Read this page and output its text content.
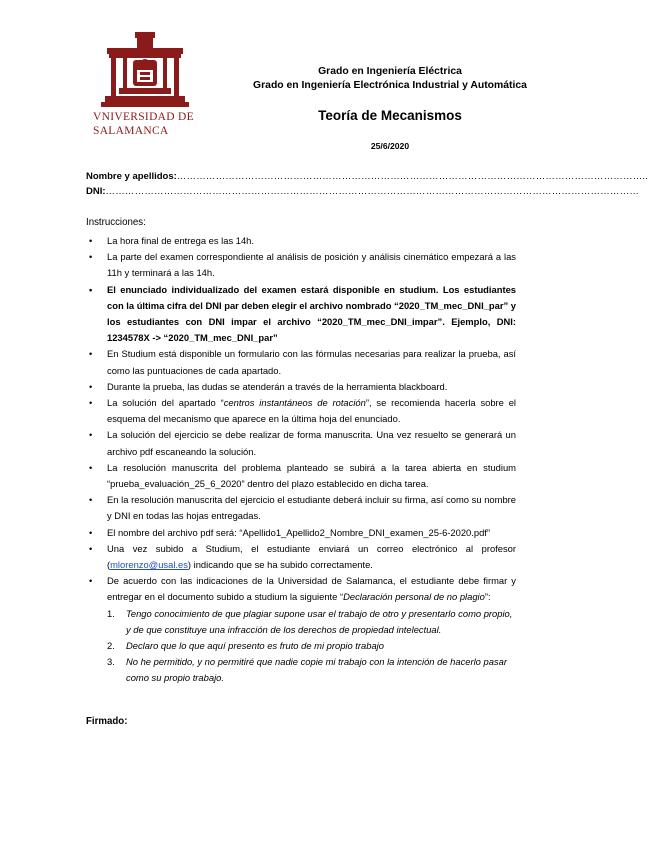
VNIVERSIDAD DE
SALAMANCA
Grado en Ingeniería Eléctrica
Grado en Ingeniería Electrónica Industrial y Automática
Teoría de Mecanismos
25/6/2020
Nombre y apellidos:………………………………………………………………………………………………………………………………..
DNI:…………………………………………………………………………………………………………………………………………………
Instrucciones:
• La hora final de entrega es las 14h.
• La parte del examen correspondiente al análisis de posición y análisis cinemático empezará a las 11h y terminará a las 14h.
• El enunciado individualizado del examen estará disponible en studium. Los estudiantes con la última cifra del DNI par deben elegir el archivo nombrado “2020_TM_mec_DNI_par” y los estudiantes con DNI impar el archivo “2020_TM_mec_DNI_impar”. Ejemplo, DNI: 1234578X -> “2020_TM_mec_DNI_par”
• En Studium está disponible un formulario con las fórmulas necesarias para realizar la prueba, así como las puntuaciones de cada apartado.
• Durante la prueba, las dudas se atenderán a través de la herramienta blackboard.
• La solución del apartado “centros instantáneos de rotación”, se recomienda hacerla sobre el esquema del mecanismo que aparece en la última hoja del enunciado.
• La solución del ejercicio se debe realizar de forma manuscrita. Una vez resuelto se generará un archivo pdf escaneando la solución.
• La resolución manuscrita del problema planteado se subirá a la tarea abierta en studium “prueba_evaluación_25_6_2020” dentro del plazo establecido en dicha tarea.
• En la resolución manuscrita del ejercicio el estudiante deberá incluir su firma, así como su nombre y DNI en todas las hojas entregadas.
• El nombre del archivo pdf será: “Apellido1_Apellido2_Nombre_DNI_examen_25-6-2020.pdf”
• Una vez subido a Studium, el estudiante enviará un correo electrónico al profesor (mlorenzo@usal.es) indicando que se ha subido correctamente.
• De acuerdo con las indicaciones de la Universidad de Salamanca, el estudiante debe firmar y entregar en el documento subido a studium la siguiente “Declaración personal de no plagio”:
1. Tengo conocimiento de que plagiar supone usar el trabajo de otro y presentarlo como propio, y de que constituye una infracción de los derechos de propiedad intelectual.
2. Declaro que lo que aquí presento es fruto de mi propio trabajo
3. No he permitido, y no permitiré que nadie copie mi trabajo con la intención de hacerlo pasar como su propio trabajo.
Firmado:
